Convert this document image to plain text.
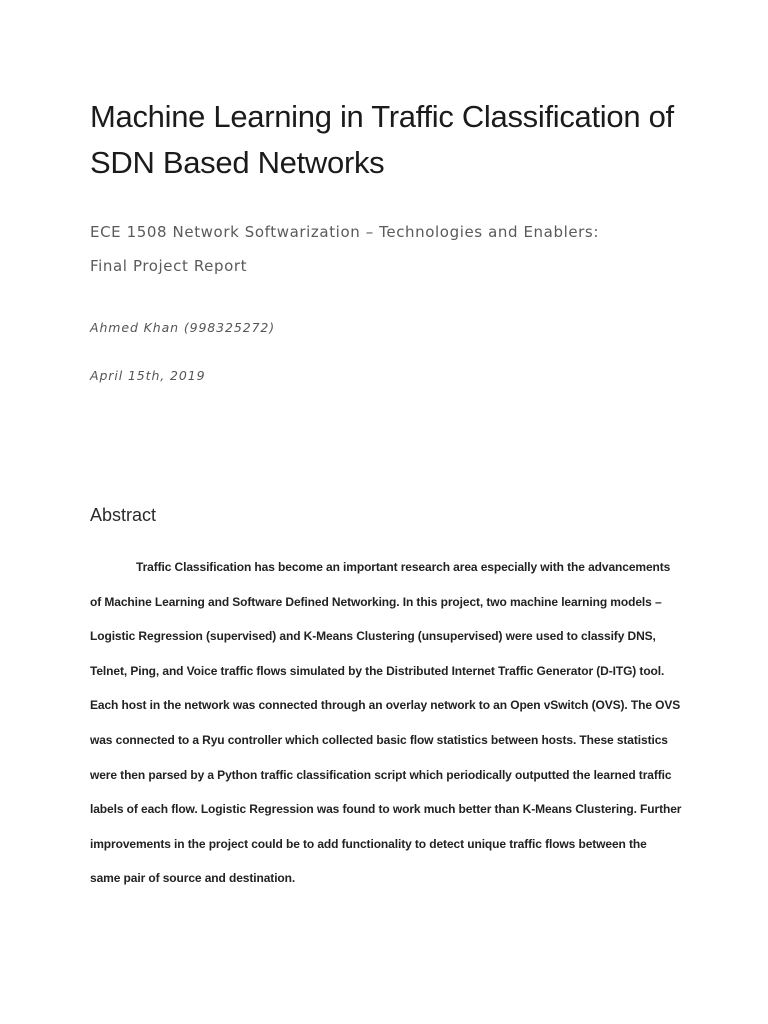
Machine Learning in Traffic Classification of SDN Based Networks

ECE 1508 Network Softwarization – Technologies and Enablers:

Final Project Report

Ahmed Khan (998325272)

April 15th, 2019

Abstract
Traffic Classification has become an important research area especially with the advancements
of Machine Learning and Software Defined Networking. In this project, two machine learning models –
Logistic Regression (supervised) and K-Means Clustering (unsupervised) were used to classify DNS,
Telnet, Ping, and Voice traffic flows simulated by the Distributed Internet Traffic Generator (D-ITG) tool.
Each host in the network was connected through an overlay network to an Open vSwitch (OVS). The OVS
was connected to a Ryu controller which collected basic flow statistics between hosts. These statistics
were then parsed by a Python traffic classification script which periodically outputted the learned traffic
labels of each flow. Logistic Regression was found to work much better than K-Means Clustering. Further
improvements in the project could be to add functionality to detect unique traffic flows between the
same pair of source and destination.
